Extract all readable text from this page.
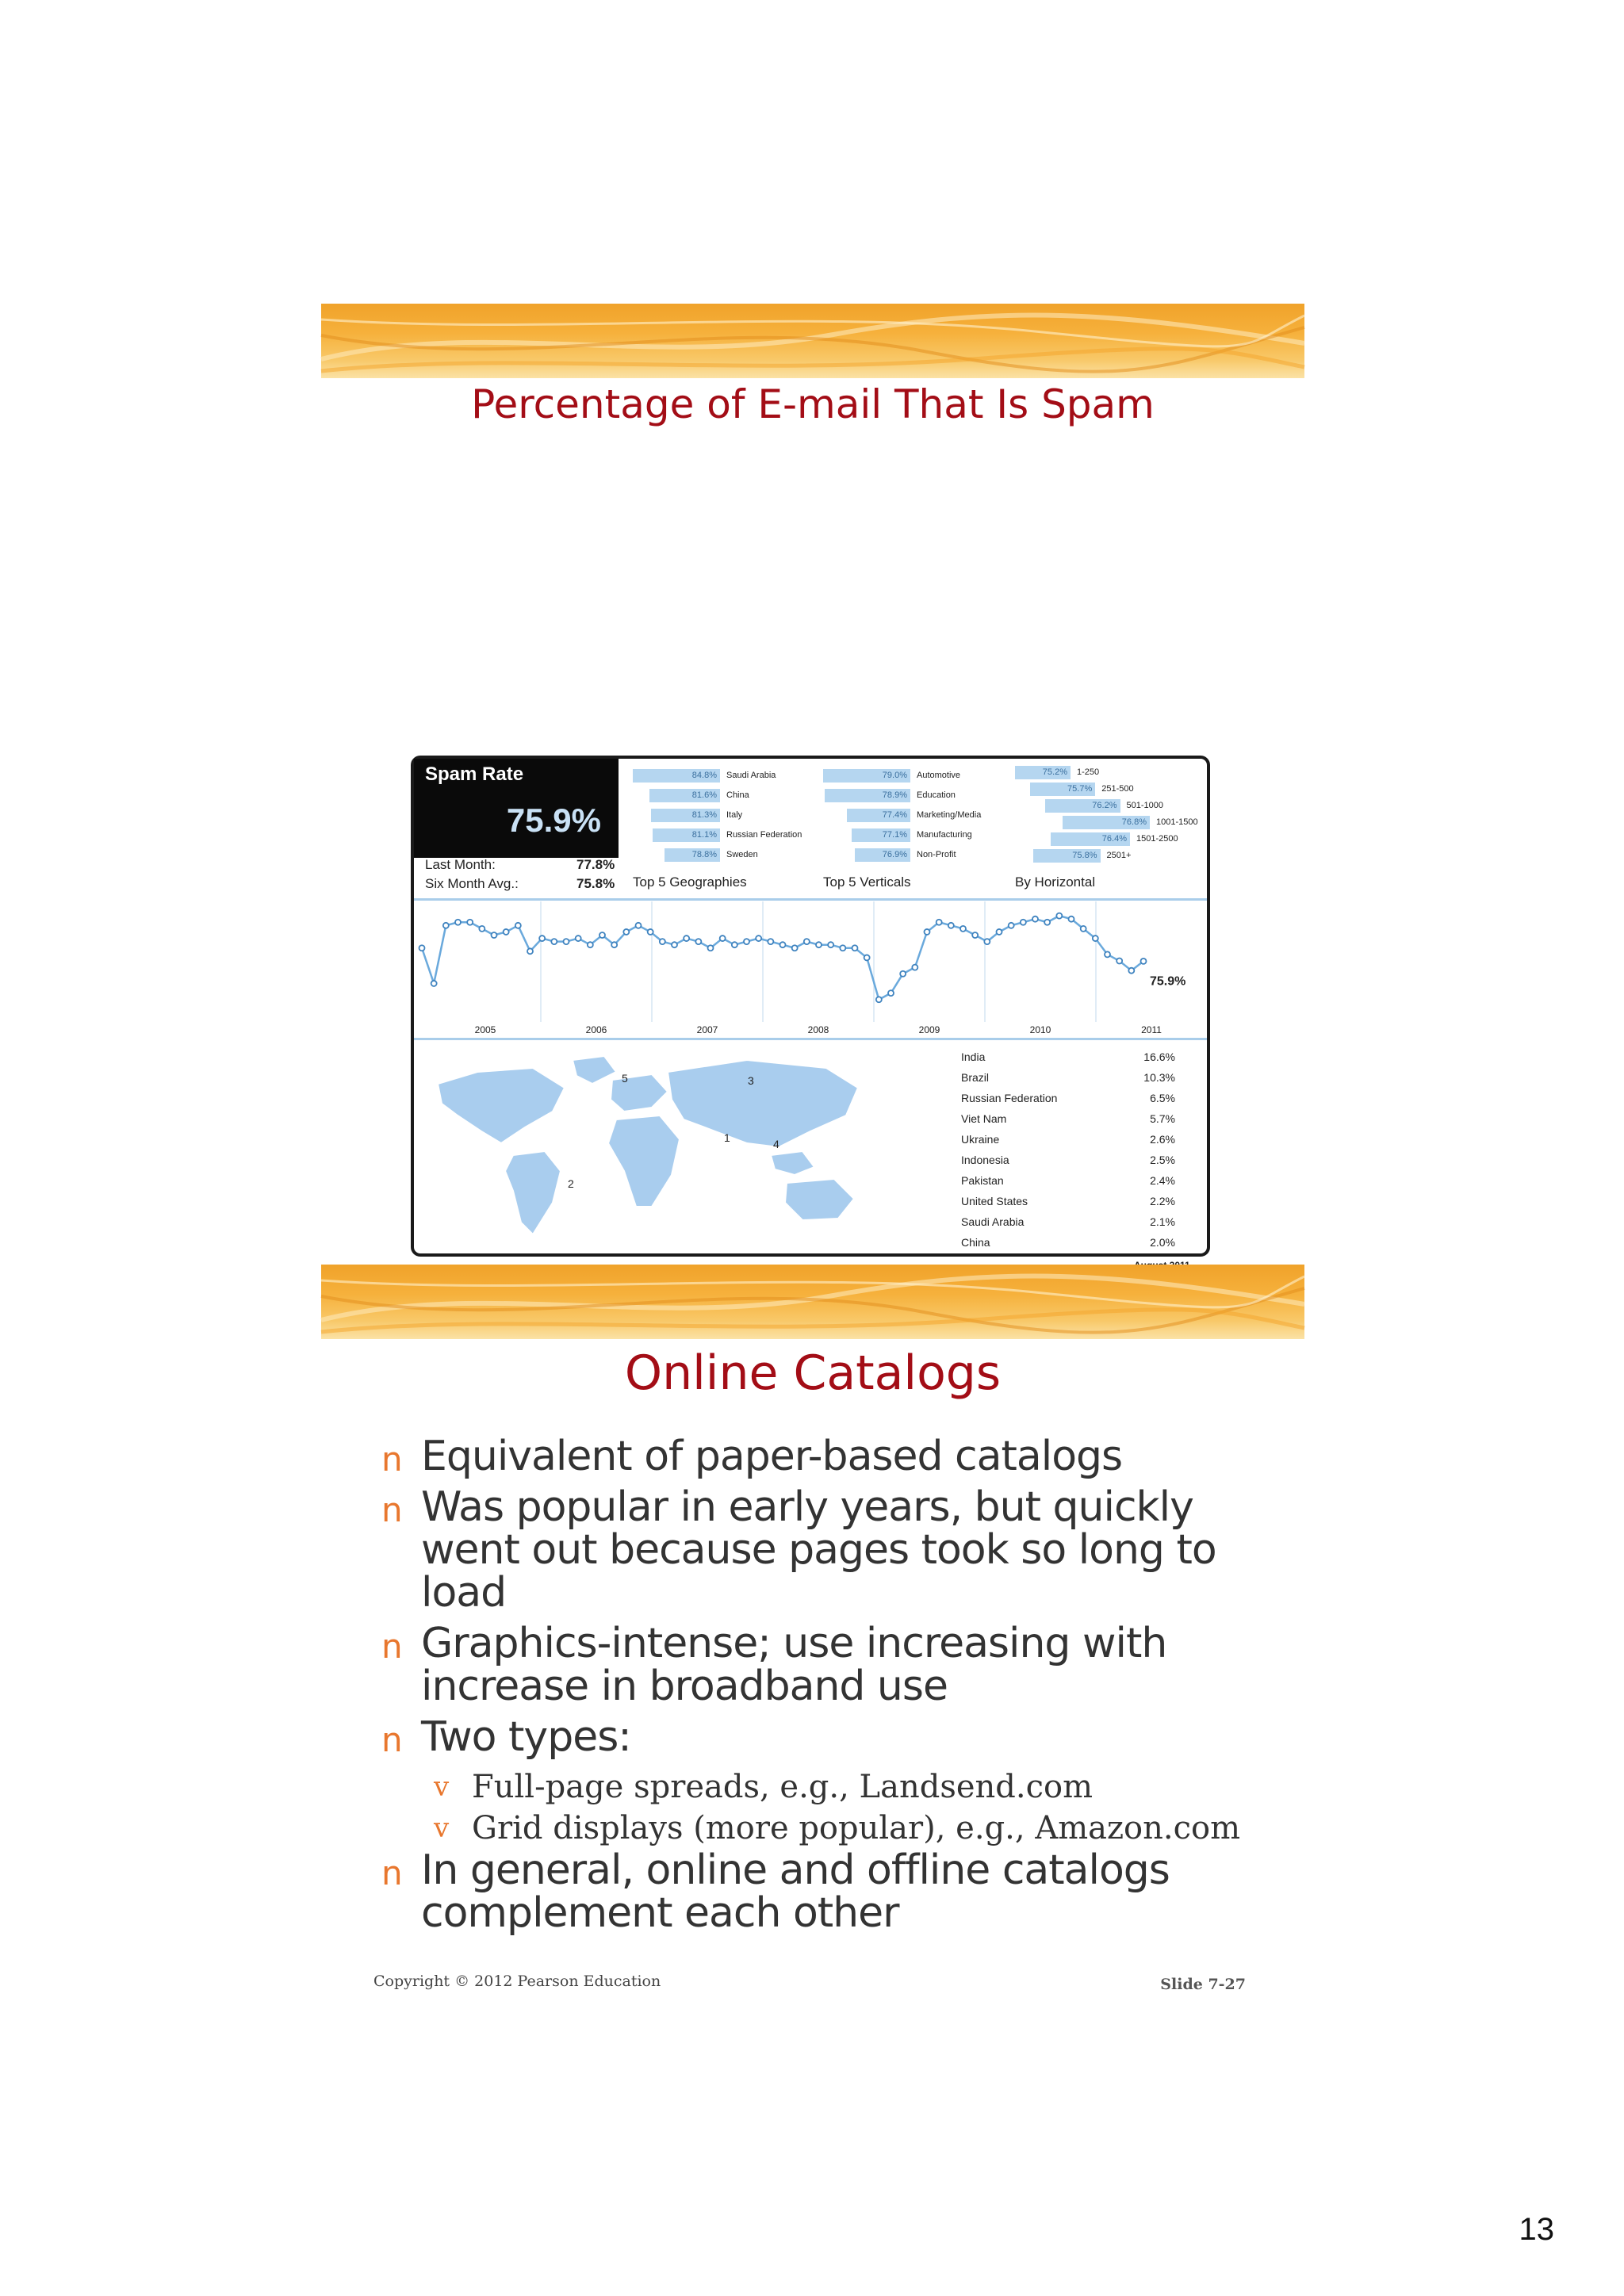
Percentage of E-mail That Is Spam
Spam Rate
75.9%
Last Month:	77.8%
Six Month Avg.:	75.8%
84.8%	Saudi Arabia
81.6%	China
81.3%	Italy
81.1%	Russian Federation
78.8%	Sweden
79.0%	Automotive
78.9%	Education
77.4%	Marketing/Media
77.1%	Manufacturing
76.9%	Non-Profit
75.2%	1-250
75.7%	251-500
76.2%	501-1000
76.8%	1001-1500
76.4%	1501-2500
75.8%	2501+
Top 5 Geographies	Top 5 Verticals	By Horizontal
2005	2006	2007	2008	2009	2010	2011
75.9%
5	3
1	4
2
India	16.6%
Brazil	10.3%
Russian Federation	6.5%
Viet Nam	5.7%
Ukraine	2.6%
Indonesia	2.5%
Pakistan	2.4%
United States	2.2%
Saudi Arabia	2.1%
China	2.0%
Online Catalogs
Copyright © 2012 Pearson Education	Slide 7-27
n Equivalent of paper-based catalogs
n Was popular in early years, but quickly went out because pages took so long to load
n Graphics-intense; use increasing with increase in broadband use
n Two types:
v Full-page spreads, e.g., Landsend.com
v Grid displays (more popular), e.g., Amazon.com
n In general, online and offline catalogs complement each other
13
